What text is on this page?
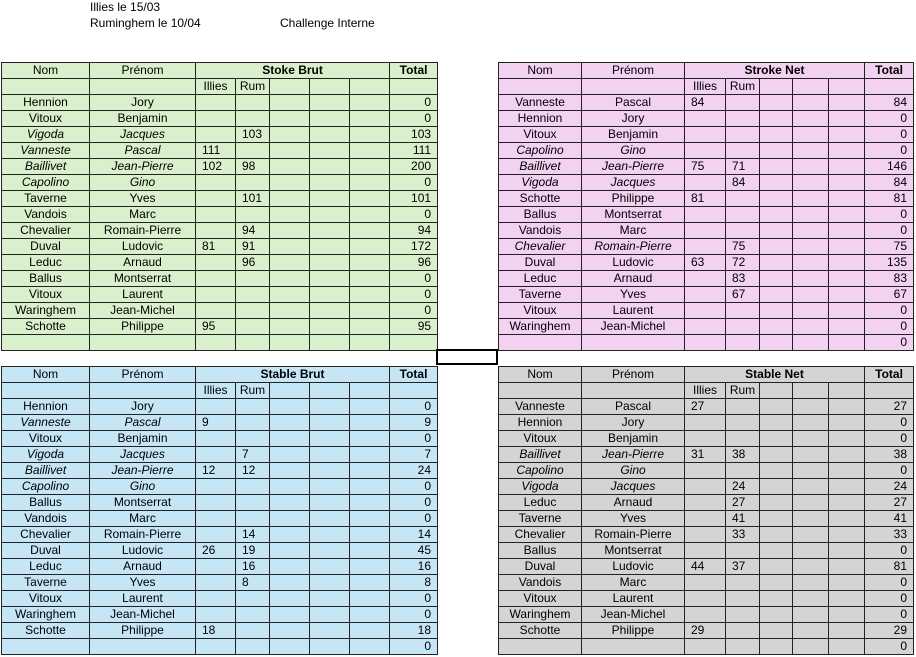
Illies le 15/03
Ruminghem le 10/04	Challenge Interne
Nom	Prénom	Stoke Brut					Total
		Illies	Rum				
Hennion	Jory						0
Vitoux	Benjamin						0
Vigoda	Jacques		103				103
Vanneste	Pascal	111					111
Baillivet	Jean-Pierre	102	98				200
Capolino	Gino						0
Taverne	Yves		101				101
Vandois	Marc						0
Chevalier	Romain-Pierre		94				94
Duval	Ludovic	81	91				172
Leduc	Arnaud		96				96
Ballus	Montserrat						0
Vitoux	Laurent						0
Waringhem	Jean-Michel						0
Schotte	Philippe	95					95

Nom	Prénom	Stroke Net					Total
		Illies	Rum				
Vanneste	Pascal	84					84
Hennion	Jory						0
Vitoux	Benjamin						0
Capolino	Gino						0
Baillivet	Jean-Pierre	75	71				146
Vigoda	Jacques		84				84
Schotte	Philippe	81					81
Ballus	Montserrat						0
Vandois	Marc						0
Chevalier	Romain-Pierre		75				75
Duval	Ludovic	63	72				135
Leduc	Arnaud		83				83
Taverne	Yves		67				67
Vitoux	Laurent						0
Waringhem	Jean-Michel						0
							0
Nom	Prénom	Stable Brut					Total
		Illies	Rum				
Hennion	Jory						0
Vanneste	Pascal	9					9
Vitoux	Benjamin						0
Vigoda	Jacques		7				7
Baillivet	Jean-Pierre	12	12				24
Capolino	Gino						0
Ballus	Montserrat						0
Vandois	Marc						0
Chevalier	Romain-Pierre		14				14
Duval	Ludovic	26	19				45
Leduc	Arnaud		16				16
Taverne	Yves		8				8
Vitoux	Laurent						0
Waringhem	Jean-Michel						0
Schotte	Philippe	18					18
							0
Nom	Prénom	Stable Net					Total
		Illies	Rum				
Vanneste	Pascal	27					27
Hennion	Jory						0
Vitoux	Benjamin						0
Baillivet	Jean-Pierre	31	38				38
Capolino	Gino						0
Vigoda	Jacques		24				24
Leduc	Arnaud		27				27
Taverne	Yves		41				41
Chevalier	Romain-Pierre		33				33
Ballus	Montserrat						0
Duval	Ludovic	44	37				81
Vandois	Marc						0
Vitoux	Laurent						0
Waringhem	Jean-Michel						0
Schotte	Philippe	29					29
							0
